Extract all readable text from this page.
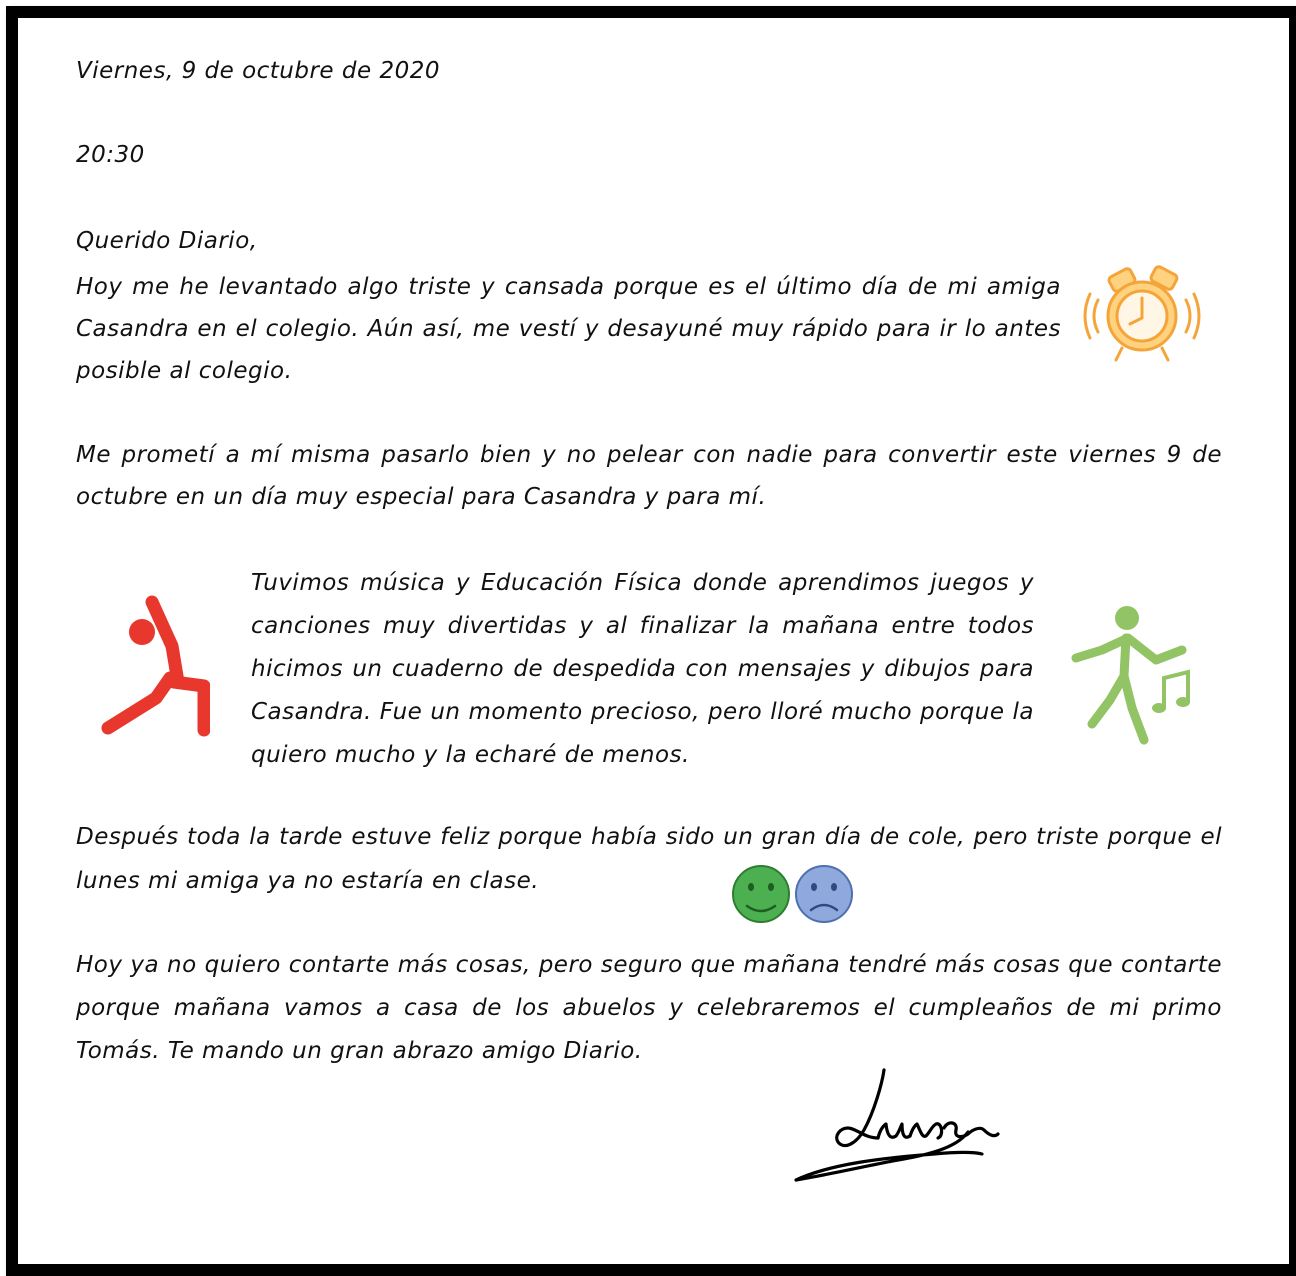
Viernes, 9 de octubre de 2020

20:30

Querido Diario,

Hoy me he levantado algo triste y cansada porque es el último día de mi amiga Casandra en el colegio. Aún así, me vestí y desayuné muy rápido para ir lo antes posible al colegio.

Me prometí a mí misma pasarlo bien y no pelear con nadie para convertir este viernes 9 de octubre en un día muy especial para Casandra y para mí.

Tuvimos música y Educación Física donde aprendimos juegos y canciones muy divertidas y al finalizar la mañana entre todos hicimos un cuaderno de despedida con mensajes y dibujos para Casandra. Fue un momento precioso, pero lloré mucho porque la quiero mucho y la echaré de menos.

Después toda la tarde estuve feliz porque había sido un gran día de cole, pero triste porque el lunes mi amiga ya no estaría en clase.

Hoy ya no quiero contarte más cosas, pero seguro que mañana tendré más cosas que contarte porque mañana vamos a casa de los abuelos y celebraremos el cumpleaños de mi primo Tomás. Te mando un gran abrazo amigo Diario.
